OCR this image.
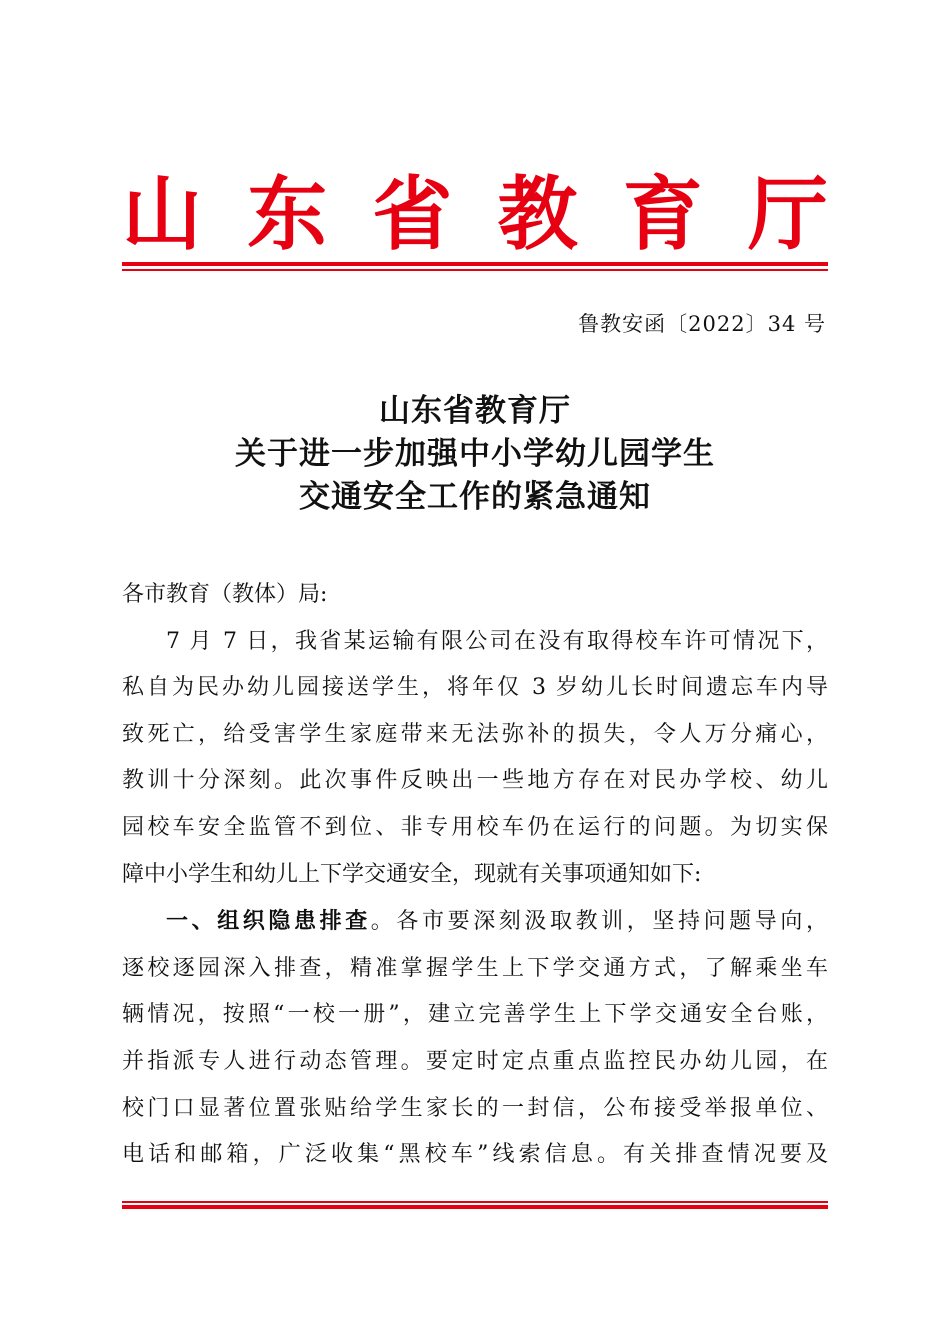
山 东 省 教 育 厅
鲁教安函〔2022〕34 号
山东省教育厅
关于进一步加强中小学幼儿园学生
交通安全工作的紧急通知
各市教育（教体）局:
7 月 7 日，我省某运输有限公司在没有取得校车许可情况下，
私自为民办幼儿园接送学生，将年仅 3 岁幼儿长时间遗忘车内导
致死亡，给受害学生家庭带来无法弥补的损失，令人万分痛心，
教训十分深刻。此次事件反映出一些地方存在对民办学校、幼儿
园校车安全监管不到位、非专用校车仍在运行的问题。为切实保
障中小学生和幼儿上下学交通安全，现就有关事项通知如下:
一、组织隐患排查。各市要深刻汲取教训，坚持问题导向，
逐校逐园深入排查，精准掌握学生上下学交通方式，了解乘坐车
辆情况，按照“一校一册”，建立完善学生上下学交通安全台账，
并指派专人进行动态管理。要定时定点重点监控民办幼儿园，在
校门口显著位置张贴给学生家长的一封信，公布接受举报单位、
电话和邮箱，广泛收集“黑校车”线索信息。有关排查情况要及
